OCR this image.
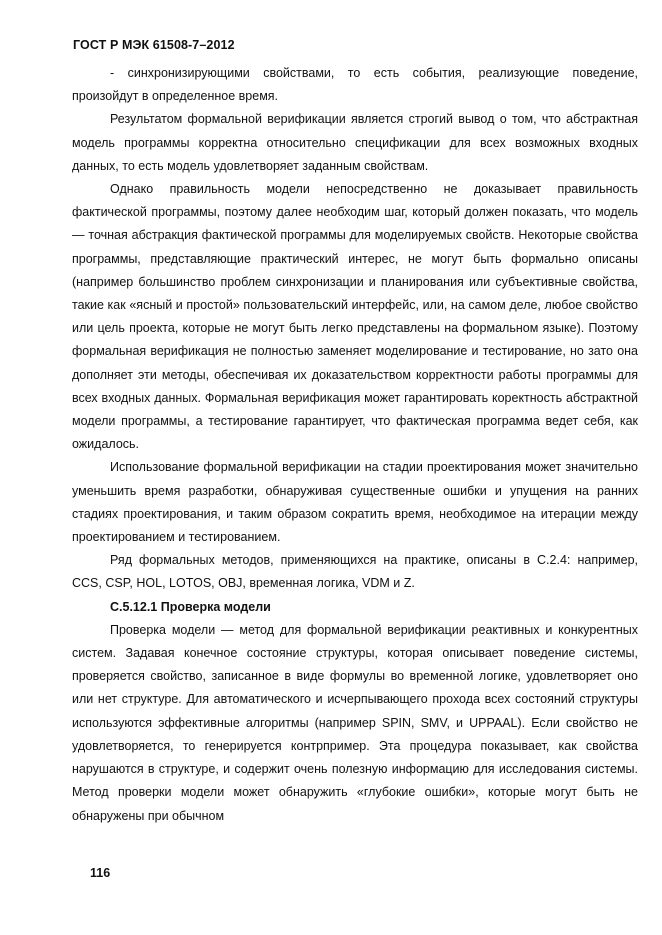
ГОСТ Р МЭК 61508-7–2012

- синхронизирующими свойствами, то есть события, реализующие поведение, произойдут в определенное время.

Результатом формальной верификации является строгий вывод о том, что абстрактная модель программы корректна относительно спецификации для всех возможных входных данных, то есть модель удовлетворяет заданным свойствам.

Однако правильность модели непосредственно не доказывает правильность фактической программы, поэтому далее необходим шаг, который должен показать, что модель — точная абстракция фактической программы для моделируемых свойств. Некоторые свойства программы, представляющие практический интерес, не могут быть формально описаны (например большинство проблем синхронизации и планирования или субъективные свойства, такие как «ясный и простой» пользовательский интерфейс, или, на самом деле, любое свойство или цель проекта, которые не могут быть легко представлены на формальном языке). Поэтому формальная верификация не полностью заменяет моделирование и тестирование, но зато она дополняет эти методы, обеспечивая их доказательством корректности работы программы для всех входных данных. Формальная верификация может гарантировать коректность абстрактной модели программы, а тестирование гарантирует, что фактическая программа ведет себя, как ожидалось.

Использование формальной верификации на стадии проектирования может значительно уменьшить время разработки, обнаруживая существенные ошибки и упущения на ранних стадиях проектирования, и таким образом сократить время, необходимое на итерации между проектированием и тестированием.

Ряд формальных методов, применяющихся на практике, описаны в С.2.4: например, CCS, CSP, HOL, LOTOS, OBJ, временная логика, VDM и Z.

С.5.12.1 Проверка модели

Проверка модели — метод для формальной верификации реактивных и конкурентных систем. Задавая конечное состояние структуры, которая описывает поведение системы, проверяется свойство, записанное в виде формулы во временной логике, удовлетворяет оно или нет структуре. Для автоматического и исчерпывающего прохода всех состояний структуры используются эффективные алгоритмы (например SPIN, SMV, и UPPAAL). Если свойство не удовлетворяется, то генерируется контрпример. Эта процедура показывает, как свойства нарушаются в структуре, и содержит очень полезную информацию для исследования системы. Метод проверки модели может обнаружить «глубокие ошибки», которые могут быть не обнаружены при обычном

116
